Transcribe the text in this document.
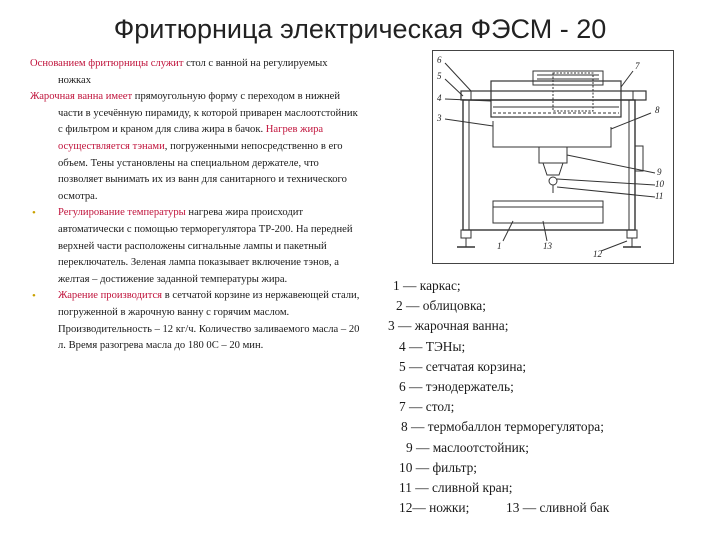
Фритюрница электрическая ФЭСМ - 20

Основанием фритюрницы служит стол с ванной на регулируемых ножках

Жарочная ванна имеет прямоугольную форму с переходом в нижней части в усечённую пирамиду, к которой приварен маслоотстойник с фильтром и краном для слива жира в бачок. Нагрев жира осуществляется тэнами, погруженными непосредственно в его объем. Тены установлены на специальном держателе, что позволяет вынимать их из ванн для санитарного и технического осмотра.

• Регулирование температуры нагрева жира происходит автоматически с помощью терморегулятора ТР-200. На передней верхней части расположены сигнальные лампы и пакетный переключатель. Зеленая лампа показывает включение тэнов, а желтая – достижение заданной температуры жира.

• Жарение производится в сетчатой корзине из нержавеющей стали, погруженной в жарочную ванну с горячим маслом. Производительность – 12 кг/ч. Количество заливаемого масла – 20 л. Время разогрева масла до 180 0С – 20 мин.

6
5
4
3
7
8
9
10
11
1	13
12
1 — каркас;
2 — облицовка;
3 — жарочная ванна;
4 — ТЭНы;
5 — сетчатая корзина;
6 — тэнодержатель;
7 — стол;
8 — термобаллон терморегулятора;
9 — маслоотстойник;
10 — фильтр;
11 — сливной кран;
12— ножки;	13 — сливной бак
